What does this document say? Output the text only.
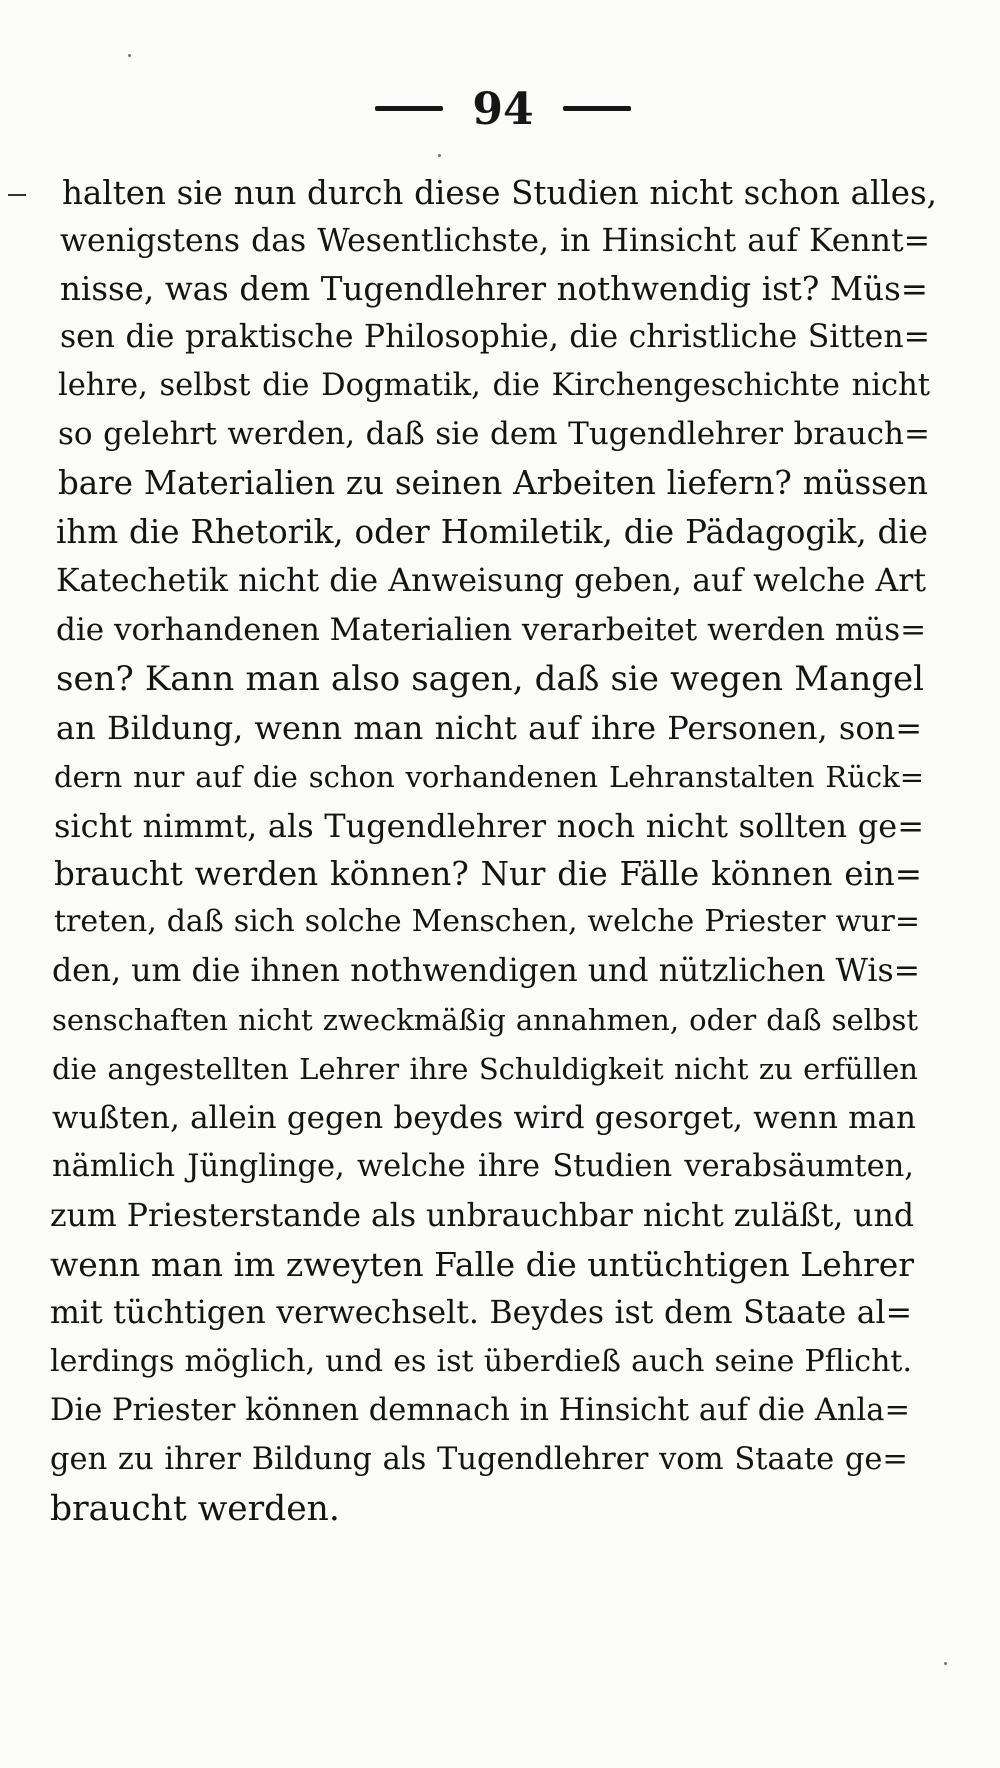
94
halten sie nun durch diese Studien nicht schon alles,
wenigstens das Wesentlichste, in Hinsicht auf Kennt=
nisse, was dem Tugendlehrer nothwendig ist? Müs=
sen die praktische Philosophie, die christliche Sitten=
lehre, selbst die Dogmatik, die Kirchengeschichte nicht
so gelehrt werden, daß sie dem Tugendlehrer brauch=
bare Materialien zu seinen Arbeiten liefern? müssen
ihm die Rhetorik, oder Homiletik, die Pädagogik, die
Katechetik nicht die Anweisung geben, auf welche Art
die vorhandenen Materialien verarbeitet werden müs=
sen? Kann man also sagen, daß sie wegen Mangel
an Bildung, wenn man nicht auf ihre Personen, son=
dern nur auf die schon vorhandenen Lehranstalten Rück=
sicht nimmt, als Tugendlehrer noch nicht sollten ge=
braucht werden können? Nur die Fälle können ein=
treten, daß sich solche Menschen, welche Priester wur=
den, um die ihnen nothwendigen und nützlichen Wis=
senschaften nicht zweckmäßig annahmen, oder daß selbst
die angestellten Lehrer ihre Schuldigkeit nicht zu erfüllen
wußten, allein gegen beydes wird gesorget, wenn man
nämlich Jünglinge, welche ihre Studien verabsäumten,
zum Priesterstande als unbrauchbar nicht zuläßt, und
wenn man im zweyten Falle die untüchtigen Lehrer
mit tüchtigen verwechselt. Beydes ist dem Staate al=
lerdings möglich, und es ist überdieß auch seine Pflicht.
Die Priester können demnach in Hinsicht auf die Anla=
gen zu ihrer Bildung als Tugendlehrer vom Staate ge=
braucht werden.
